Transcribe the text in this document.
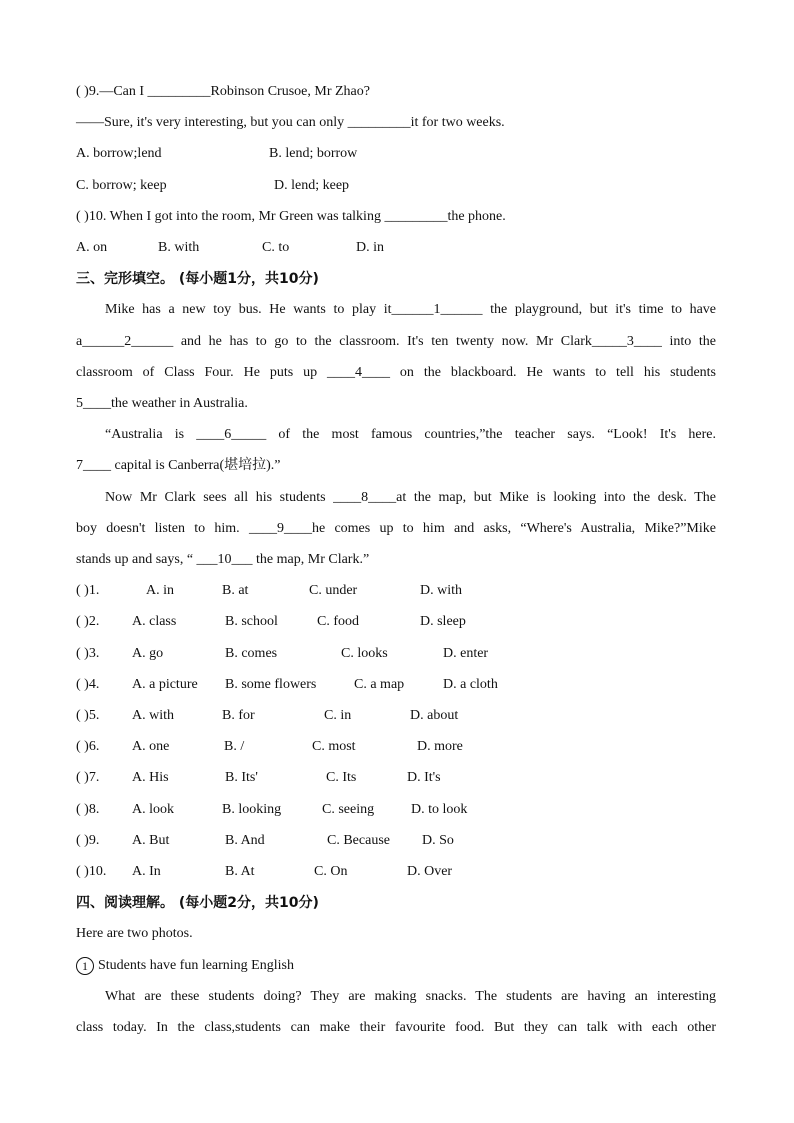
( )9.—Can I _________Robinson Crusoe, Mr Zhao?
——Sure, it's very interesting, but you can only _________it for two weeks.
A. borrow;lend	B. lend; borrow
C. borrow; keep	D. lend; keep
( )10. When I got into the room, Mr Green was talking _________the phone.
A. on	B. with	C. to	D. in
三、完形填空。 (每小题1分，共10分)
Mike has a new toy bus. He wants to play it______1______ the playground, but it's time to have
a______2______ and he has to go to the classroom. It's ten twenty now. Mr Clark_____3____ into the
classroom of Class Four. He puts up ____4____ on the blackboard. He wants to tell his students
5____the weather in Australia.
“Australia is ____6_____ of the most famous countries,”the teacher says. “Look! It's here.
7____ capital is Canberra(堪培拉).”
Now Mr Clark sees all his students ____8____at the map, but Mike is looking into the desk. The
boy doesn't listen to him. ____9____he comes up to him and asks, “Where's Australia, Mike?”Mike
stands up and says, “ ___10___ the map, Mr Clark.”
( )1.	A. in	B. at	C. under	D. with
( )2. A. class	B. school	C. food	D. sleep
( )3. A. go	B. comes	C. looks	D. enter
( )4. A. a picture B. some flowers	C. a map	D. a cloth
( )5. A. with	B. for	C. in	D. about
( )6. A. one	B. /	C. most	D. more
( )7. A. His	B. Its'	C. Its	D. It's
( )8. A. look	B. looking	C. seeing	D. to look
( )9. A. But	B. And	C. Because D. So
( )10. A. In	B. At	C. On	D. Over
四、阅读理解。 (每小题2分，共10分)
Here are two photos.
1 Students have fun learning English
What are these students doing? They are making snacks. The students are having an interesting
class today. In the class,students can make their favourite food. But they can talk with each other
